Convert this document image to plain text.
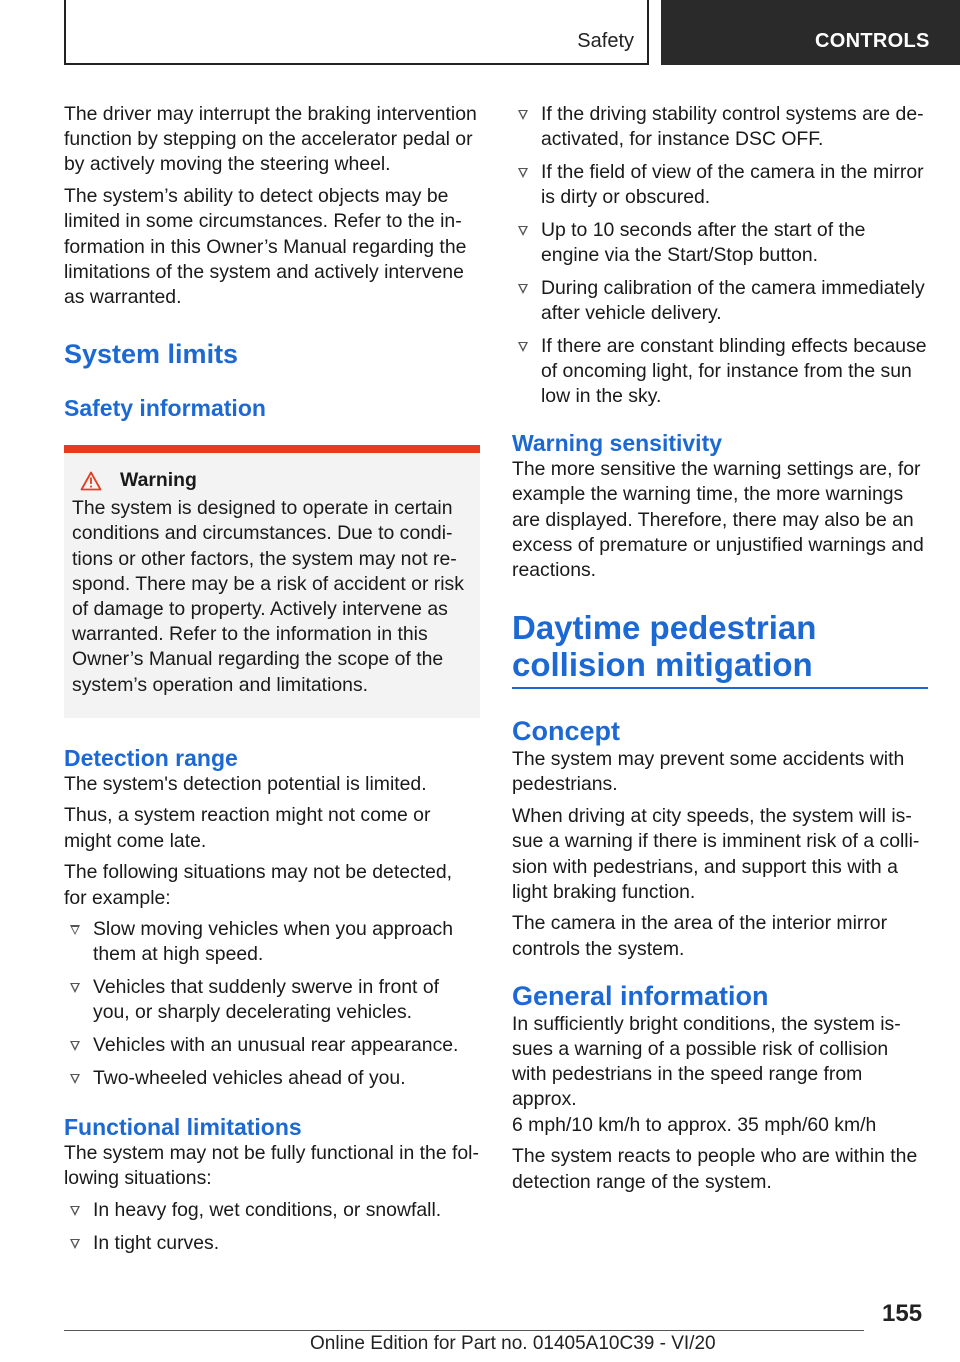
Safety	CONTROLS

The driver may interrupt the braking intervention function by stepping on the accelerator pedal or by actively moving the steering wheel.

The system’s ability to detect objects may be limited in some circumstances. Refer to the information in this Owner’s Manual regarding the limitations of the system and actively intervene as warranted.

System limits
Safety information
Warning

The system is designed to operate in certain conditions and circumstances. Due to conditions or other factors, the system may not respond. There may be a risk of accident or risk of damage to property. Actively intervene as warranted. Refer to the information in this Owner’s Manual regarding the scope of the system’s operation and limitations.

Detection range

The system's detection potential is limited.

Thus, a system reaction might not come or might come late.

The following situations may not be detected, for example:

Slow moving vehicles when you approach them at high speed.
Vehicles that suddenly swerve in front of you, or sharply decelerating vehicles.
Vehicles with an unusual rear appearance.
Two-wheeled vehicles ahead of you.
Functional limitations

The system may not be fully functional in the following situations:

In heavy fog, wet conditions, or snowfall.
In tight curves.
If the driving stability control systems are deactivated, for instance DSC OFF.
If the field of view of the camera in the mirror is dirty or obscured.
Up to 10 seconds after the start of the engine via the Start/Stop button.
During calibration of the camera immediately after vehicle delivery.
If there are constant blinding effects because of oncoming light, for instance from the sun low in the sky.
Warning sensitivity

The more sensitive the warning settings are, for example the warning time, the more warnings are displayed. Therefore, there may also be an excess of premature or unjustified warnings and reactions.

Daytime pedestrian collision mitigation
Concept

The system may prevent some accidents with pedestrians.

When driving at city speeds, the system will issue a warning if there is imminent risk of a collision with pedestrians, and support this with a light braking function.

The camera in the area of the interior mirror controls the system.

General information

In sufficiently bright conditions, the system issues a warning of a possible risk of collision with pedestrians in the speed range from approx.
6 mph/10 km/h to approx. 35 mph/60 km/h

The system reacts to people who are within the detection range of the system.

155
Online Edition for Part no. 01405A10C39 - VI/20
